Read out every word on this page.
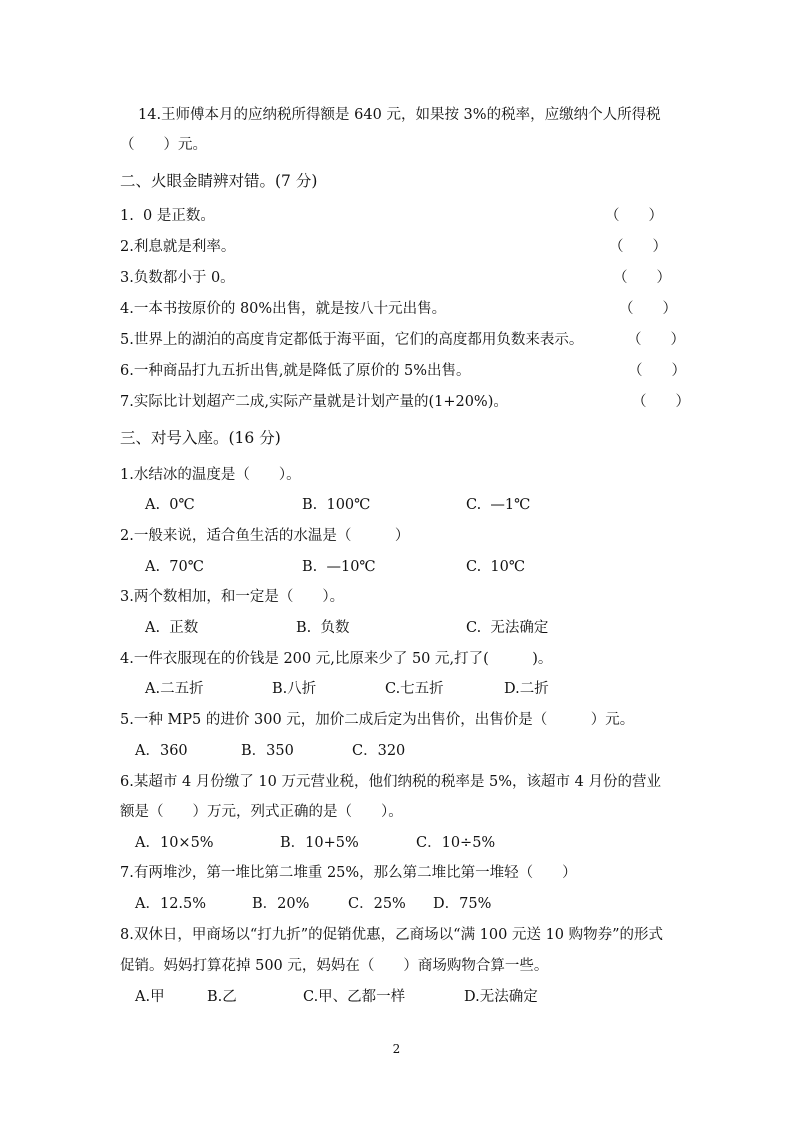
14.王师傅本月的应纳税所得额是 640 元，如果按 3%的税率，应缴纳个人所得税
（　　）元。
二、火眼金睛辨对错。(7 分)
1.  0 是正数。	（　　）
2.利息就是利率。	（　　）
3.负数都小于 0。	（　　）
4.一本书按原价的 80%出售，就是按八十元出售。	（　　）
5.世界上的湖泊的高度肯定都低于海平面，它们的高度都用负数来表示。	（　　）
6.一种商品打九五折出售,就是降低了原价的 5%出售。	（　　）
7.实际比计划超产二成,实际产量就是计划产量的(1+20%)。	（　　）
三、对号入座。(16 分)
1.水结冰的温度是（　　）。
A.  0℃	B.  100℃	C.  —1℃
2.一般来说，适合鱼生活的水温是（　　　）
A.  70℃	B.  —10℃	C.  10℃
3.两个数相加，和一定是（　　）。
A.  正数	B.  负数	C.  无法确定
4.一件衣服现在的价钱是 200 元,比原来少了 50 元,打了(　　　)。
A.二五折	B.八折	C.七五折	D.二折
5.一种 MP5 的进价 300 元，加价二成后定为出售价，出售价是（　　　）元。
A．360	B．350	C．320
6.某超市 4 月份缴了 10 万元营业税，他们纳税的税率是 5%，该超市 4 月份的营业
额是（　　）万元，列式正确的是（　　）。
A．10×5%	B．10+5%	C．10÷5%
7.有两堆沙，第一堆比第二堆重 25%，那么第二堆比第一堆轻（　　）
A．12.5%	B．20%	C．25% D．75%
8.双休日，甲商场以“打九折”的促销优惠，乙商场以“满 100 元送 10 购物券”的形式
促销。妈妈打算花掉 500 元，妈妈在（　　）商场购物合算一些。
A.甲	B.乙	C.甲、乙都一样	D.无法确定
2
